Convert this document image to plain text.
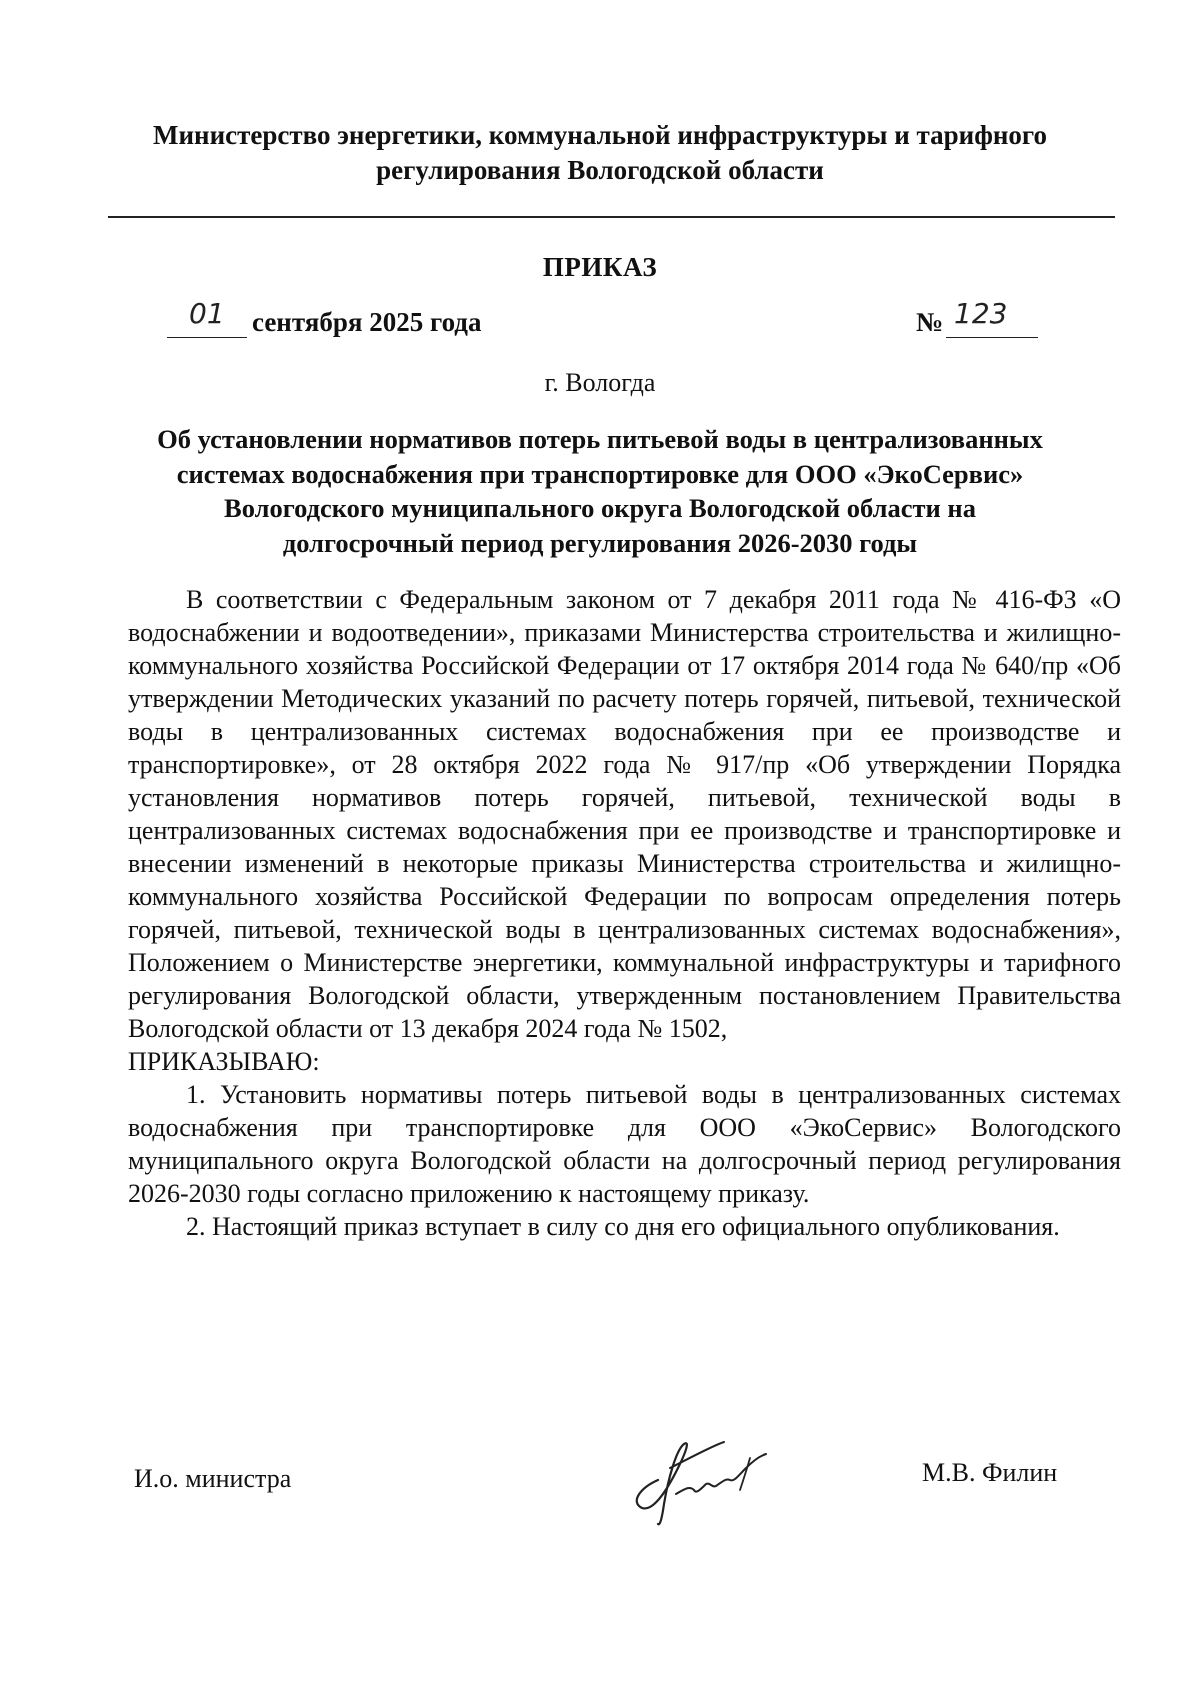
Министерство энергетики, коммунальной инфраструктуры и тарифного
регулирования Вологодской области
ПРИКАЗ
01 сентября 2025 года	№ 123
г. Вологда
Об установлении нормативов потерь питьевой воды в централизованных
системах водоснабжения при транспортировке для ООО «ЭкоСервис»
Вологодского муниципального округа Вологодской области на
долгосрочный период регулирования 2026-2030 годы

В соответствии с Федеральным законом от 7 декабря 2011 года № 416-ФЗ «О водоснабжении и водоотведении», приказами Министерства строительства и жилищно-коммунального хозяйства Российской Федерации от 17 октября 2014 года № 640/пр «Об утверждении Методических указаний по расчету потерь горячей, питьевой, технической воды в централизованных системах водоснабжения при ее производстве и транспортировке», от 28 октября 2022 года № 917/пр «Об утверждении Порядка установления нормативов потерь горячей, питьевой, технической воды в централизованных системах водоснабжения при ее производстве и транспортировке и внесении изменений в некоторые приказы Министерства строительства и жилищно-коммунального хозяйства Российской Федерации по вопросам определения потерь горячей, питьевой, технической воды в централизованных системах водоснабжения», Положением о Министерстве энергетики, коммунальной инфраструктуры и тарифного регулирования Вологодской области, утвержденным постановлением Правительства Вологодской области от 13 декабря 2024 года № 1502,

ПРИКАЗЫВАЮ:

1. Установить нормативы потерь питьевой воды в централизованных системах водоснабжения при транспортировке для ООО «ЭкоСервис» Вологодского муниципального округа Вологодской области на долгосрочный период регулирования 2026-2030 годы согласно приложению к настоящему приказу.

2. Настоящий приказ вступает в силу со дня его официального опубликования.

И.о. министра	М.В. Филин
